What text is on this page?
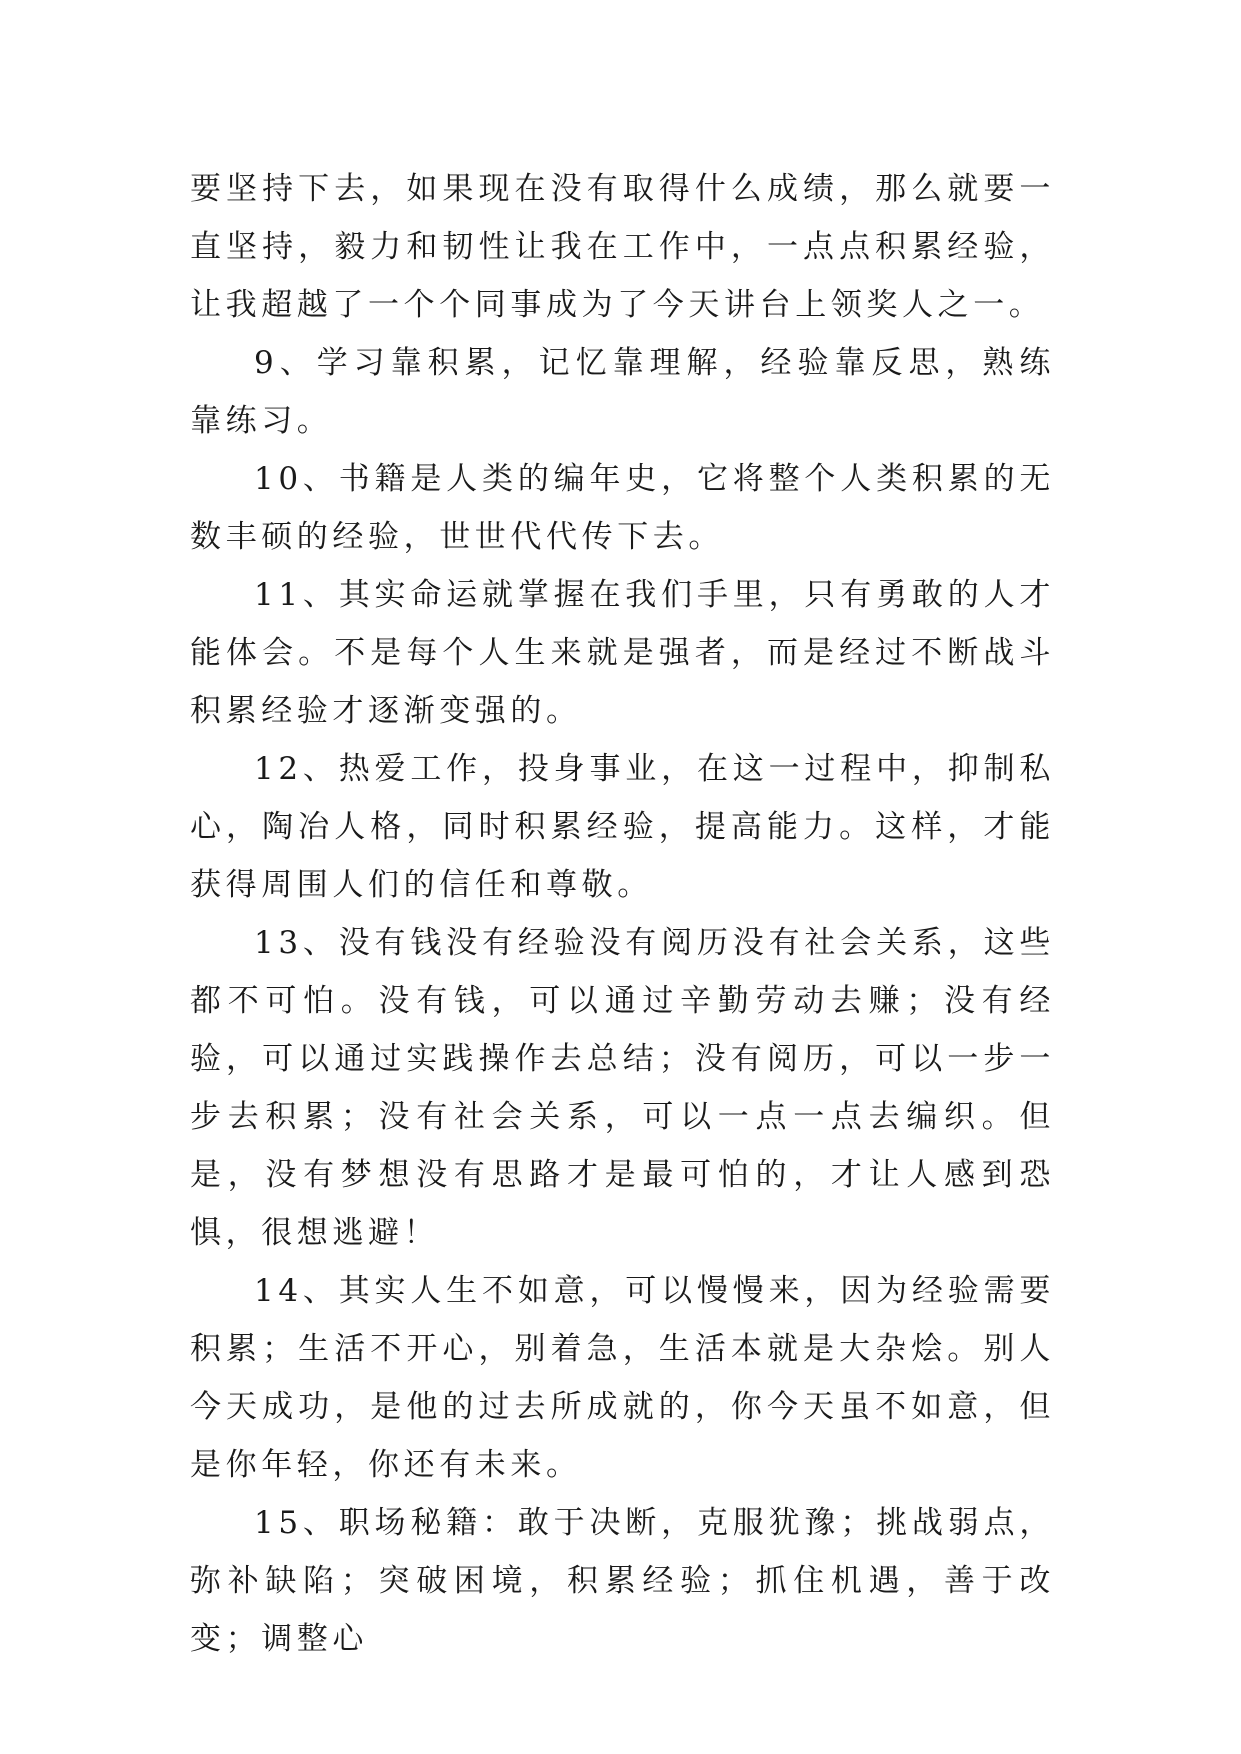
要坚持下去，如果现在没有取得什么成绩，那么就要一直坚持，毅力和韧性让我在工作中，一点点积累经验，让我超越了一个个同事成为了今天讲台上领奖人之一。

9、学习靠积累，记忆靠理解，经验靠反思，熟练靠练习。

10、书籍是人类的编年史，它将整个人类积累的无数丰硕的经验，世世代代传下去。

11、其实命运就掌握在我们手里，只有勇敢的人才能体会。不是每个人生来就是强者，而是经过不断战斗积累经验才逐渐变强的。

12、热爱工作，投身事业，在这一过程中，抑制私心，陶冶人格，同时积累经验，提高能力。这样，才能获得周围人们的信任和尊敬。

13、没有钱没有经验没有阅历没有社会关系，这些都不可怕。没有钱，可以通过辛勤劳动去赚；没有经验，可以通过实践操作去总结；没有阅历，可以一步一步去积累；没有社会关系，可以一点一点去编织。但是，没有梦想没有思路才是最可怕的，才让人感到恐惧，很想逃避！

14、其实人生不如意，可以慢慢来，因为经验需要积累；生活不开心，别着急，生活本就是大杂烩。别人今天成功，是他的过去所成就的，你今天虽不如意，但是你年轻，你还有未来。

15、职场秘籍：敢于决断，克服犹豫；挑战弱点，弥补缺陷；突破困境，积累经验；抓住机遇，善于改变；调整心
